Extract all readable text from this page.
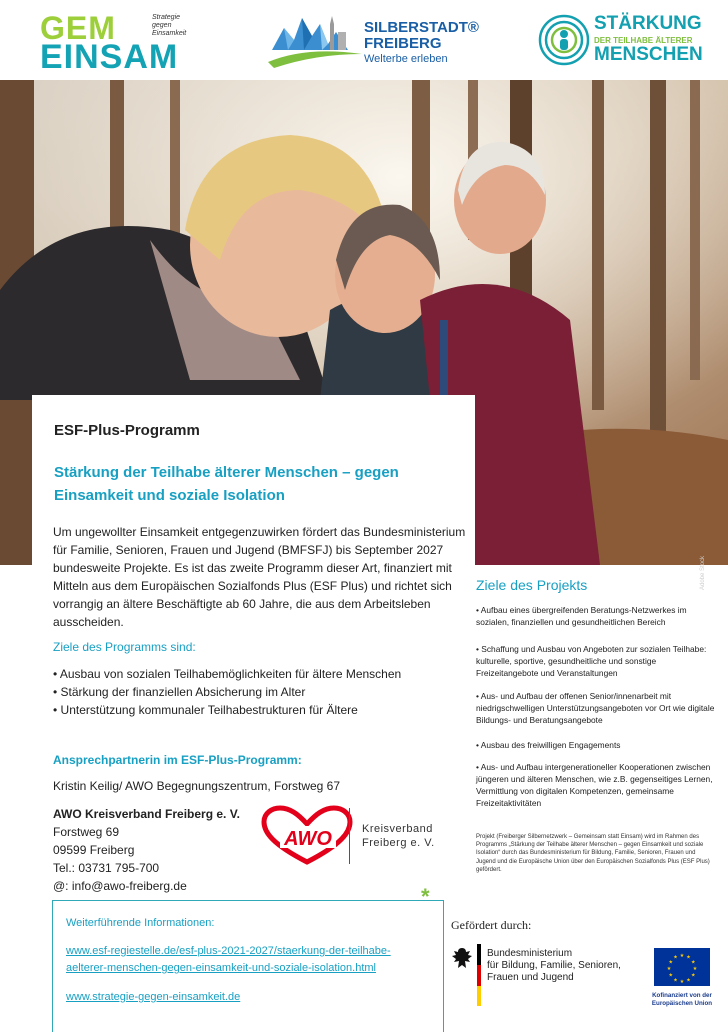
GEM
EINSAM
Strategie
gegen
Einsamkeit	SILBERSTADT®
FREIBERG
Welterbe erleben
STÄRKUNG
DER TEILHABE ÄLTERER
MENSCHEN
Adobe Stock
ESF-Plus-Programm
Stärkung der Teilhabe älterer Menschen – gegen Einsamkeit und soziale Isolation
Um ungewollter Einsamkeit entgegenzuwirken fördert das Bundesministerium für Familie, Senioren, Frauen und Jugend (BMFSFJ) bis September 2027 bundesweite Projekte. Es ist das zweite Programm dieser Art, finanziert mit Mitteln aus dem Europäischen Sozialfonds Plus (ESF Plus) und richtet sich vorrangig an ältere Beschäftigte ab 60 Jahre, die aus dem Arbeitsleben ausscheiden.
Ziele des Programms sind:
• Ausbau von sozialen Teilhabemöglichkeiten für ältere Menschen
• Stärkung der finanziellen Absicherung im Alter
• Unterstützung kommunaler Teilhabestrukturen für Ältere
Ansprechpartnerin im ESF-Plus-Programm:
Kristin Keilig/ AWO Begegnungszentrum, Forstweg 67
AWO Kreisverband Freiberg e. V.
Forstweg 69
09599 Freiberg
Tel.: 03731 795-700
@: info@awo-freiberg.de
AWO	Kreisverband
Freiberg e. V.
Ziele des Projekts
• Aufbau eines übergreifenden Beratungs-Netzwerkes im sozialen, finanziellen und gesundheitlichen Bereich
• Schaffung und Ausbau von Angeboten zur sozialen Teilhabe: kulturelle, sportive, gesundheitliche und sonstige Freizeitangebote und Veranstaltungen
• Aus- und Aufbau der offenen Senior/innenarbeit mit niedrigschwelligen Unterstützungsangeboten vor Ort wie digitale Bildungs- und Beratungsangebote
• Ausbau des freiwilligen Engagements
• Aus- und Aufbau intergenerationeller Kooperationen zwischen jüngeren und älteren Menschen, wie z.B. gegenseitiges Lernen, Vermittlung von digitalen Kompetenzen, gemeinsame Freizeitaktivitäten
Projekt (Freiberger Silbernetzwerk – Gemeinsam statt Einsam) wird im Rahmen des Programms „Stärkung der Teilhabe älterer Menschen – gegen Einsamkeit und soziale Isolation“ durch das Bundesministerium für Bildung, Familie, Senioren, Frauen und Jugend und die Europäische Union über den Europäischen Sozialfonds Plus (ESF Plus) gefördert.
*
Weiterführende Informationen:
www.esf-regiestelle.de/esf-plus-2021-2027/staerkung-der-teilhabe-aelterer-menschen-gegen-einsamkeit-und-soziale-isolation.html
www.strategie-gegen-einsamkeit.de
Gefördert durch:
Bundesministerium
für Bildung, Familie, Senioren,
Frauen und Jugend
★ ★
★
★
★
★
★
★
★
★
★
★
Kofinanziert von der
Europäischen Union
